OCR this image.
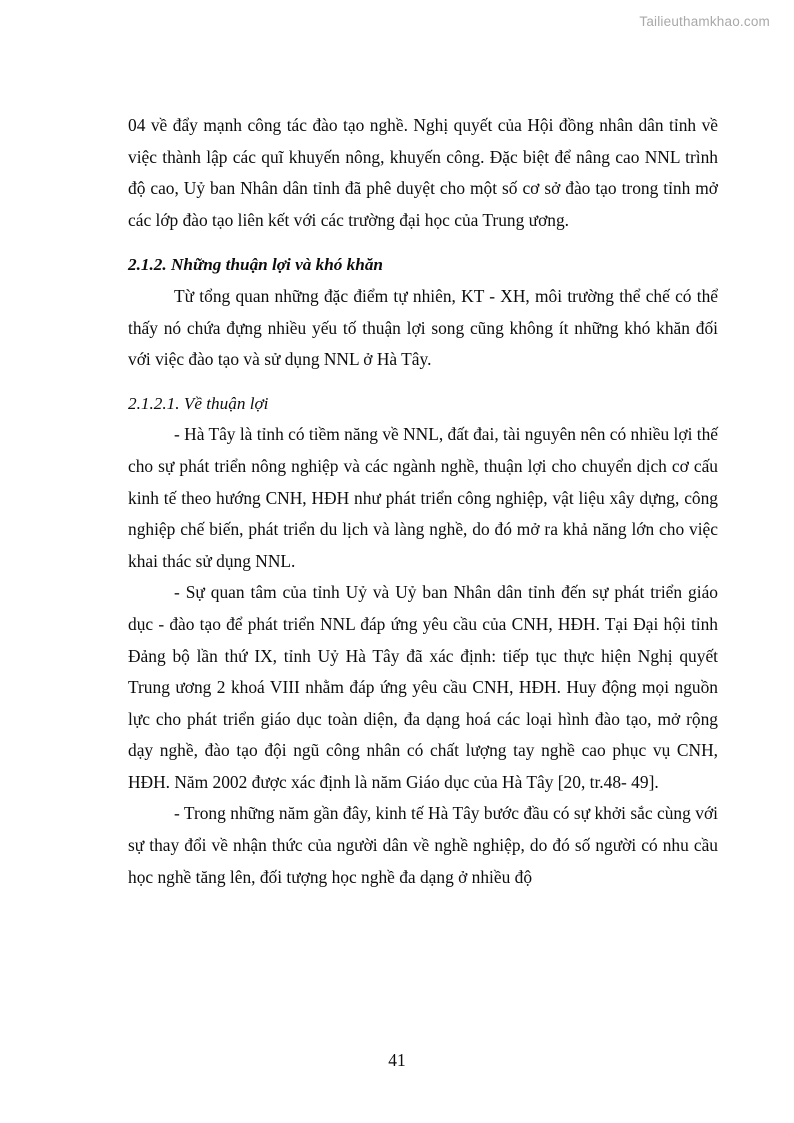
Tailieuthamkhao.com

04 về đẩy mạnh công tác đào tạo nghề. Nghị quyết của Hội đồng nhân dân tỉnh về việc thành lập các quĩ khuyến nông, khuyến công. Đặc biệt để nâng cao NNL trình độ cao, Uỷ ban Nhân dân tỉnh đã phê duyệt cho một số cơ sở đào tạo trong tỉnh mở các lớp đào tạo liên kết với các trường đại học của Trung ương.

2.1.2. Những thuận lợi và khó khăn

Từ tổng quan những đặc điểm tự nhiên, KT - XH, môi trường thể chế có thể thấy nó chứa đựng nhiều yếu tố thuận lợi song cũng không ít những khó khăn đối với việc đào tạo và sử dụng NNL ở Hà Tây.

2.1.2.1. Về thuận lợi

- Hà Tây là tỉnh có tiềm năng về NNL, đất đai, tài nguyên nên có nhiều lợi thế cho sự phát triển nông nghiệp và các ngành nghề, thuận lợi cho chuyển dịch cơ cấu kinh tế theo hướng CNH, HĐH như phát triển công nghiệp, vật liệu xây dựng, công nghiệp chế biến, phát triển du lịch và làng nghề, do đó mở ra khả năng lớn cho việc khai thác sử dụng NNL.

- Sự quan tâm của tỉnh Uỷ và Uỷ ban Nhân dân tỉnh đến sự phát triển giáo dục - đào tạo để phát triển NNL đáp ứng yêu cầu của CNH, HĐH. Tại Đại hội tỉnh Đảng bộ lần thứ IX, tỉnh Uỷ Hà Tây đã xác định: tiếp tục thực hiện Nghị quyết Trung ương 2 khoá VIII nhằm đáp ứng yêu cầu CNH, HĐH. Huy động mọi nguồn lực cho phát triển giáo dục toàn diện, đa dạng hoá các loại hình đào tạo, mở rộng dạy nghề, đào tạo đội ngũ công nhân có chất lượng tay nghề cao phục vụ CNH, HĐH. Năm 2002 được xác định là năm Giáo dục của Hà Tây [20, tr.48- 49].

- Trong những năm gần đây, kinh tế Hà Tây bước đầu có sự khởi sắc cùng với sự thay đổi về nhận thức của người dân về nghề nghiệp, do đó số người có nhu cầu học nghề tăng lên, đối tượng học nghề đa dạng ở nhiều độ

41
